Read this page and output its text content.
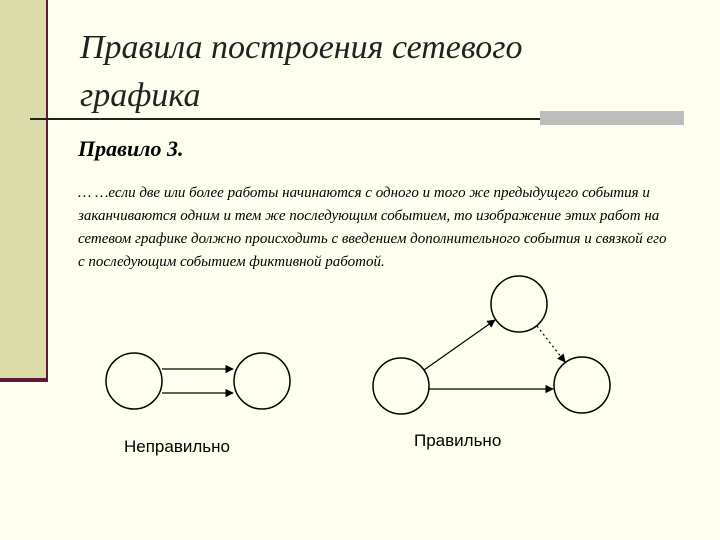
Правила построения сетевого графика
Правило 3.
… …если две или более работы начинаются с одного и того же предыдущего события и заканчиваются одним и тем же последующим событием, то изображение этих работ на сетевом графике должно происходить с введением дополнительного события и связкой его с последующим событием фиктивной работой.
Неправильно	Правильно
